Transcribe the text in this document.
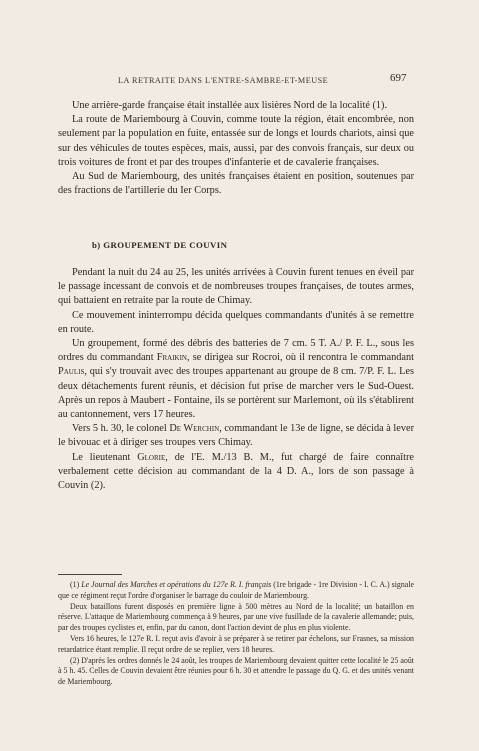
LA RETRAITE DANS L'ENTRE-SAMBRE-ET-MEUSE	697

Une arrière-garde française était installée aux lisières Nord de la localité (1).

La route de Mariembourg à Couvin, comme toute la région, était encombrée, non seulement par la population en fuite, entassée sur de longs et lourds chariots, ainsi que sur des véhicules de toutes espèces, mais, aussi, par des convois français, sur deux ou trois voitures de front et par des troupes d'infanterie et de cavalerie françaises.

Au Sud de Mariembourg, des unités françaises étaient en position, soutenues par des fractions de l'artillerie du Ier Corps.

b) GROUPEMENT DE COUVIN

Pendant la nuit du 24 au 25, les unités arrivées à Couvin furent tenues en éveil par le passage incessant de convois et de nombreuses troupes françaises, de toutes armes, qui battaient en retraite par la route de Chimay.

Ce mouvement ininterrompu décida quelques commandants d'unités à se remettre en route.

Un groupement, formé des débris des batteries de 7 cm. 5 T. A./ P. F. L., sous les ordres du commandant Fraikin, se dirigea sur Rocroi, où il rencontra le commandant Paulis, qui s'y trouvait avec des troupes appartenant au groupe de 8 cm. 7/P. F. L. Les deux détachements furent réunis, et décision fut prise de marcher vers le Sud-Ouest. Après un repos à Maubert - Fontaine, ils se portèrent sur Marlemont, où ils s'établirent au cantonnement, vers 17 heures.

Vers 5 h. 30, le colonel De Werchin, commandant le 13e de ligne, se décida à lever le bivouac et à diriger ses troupes vers Chimay.

Le lieutenant Glorie, de l'E. M./13 B. M., fut chargé de faire connaître verbalement cette décision au commandant de la 4 D. A., lors de son passage à Couvin (2).

(1) Le Journal des Marches et opérations du 127e R. I. français (1re brigade - 1re Division - I. C. A.) signale que ce régiment reçut l'ordre d'organiser le barrage du couloir de Mariembourg.

Deux bataillons furent disposés en première ligne à 500 mètres au Nord de la localité; un bataillon en réserve. L'attaque de Mariembourg commença à 9 heures, par une vive fusillade de la cavalerie allemande; puis, par des troupes cyclistes et, enfin, par du canon, dont l'action devint de plus en plus violente.

Vers 16 heures, le 127e R. I. reçut avis d'avoir à se préparer à se retirer par échelons, sur Frasnes, sa mission retardatrice étant remplie. Il reçut ordre de se replier, vers 18 heures.

(2) D'après les ordres donnés le 24 août, les troupes de Mariembourg devaient quitter cette localité le 25 août à 5 h. 45. Celles de Couvin devaient être réunies pour 6 h. 30 et attendre le passage du Q. G. et des unités venant de Mariembourg.
